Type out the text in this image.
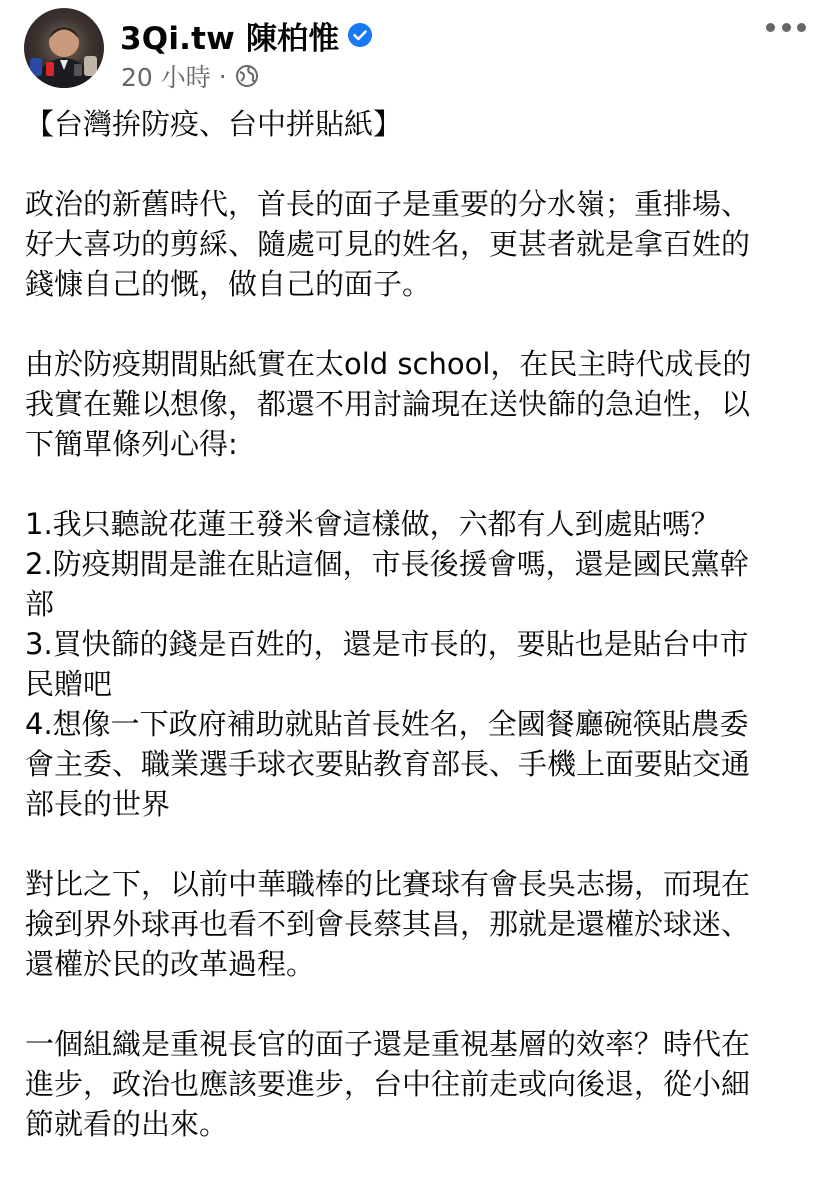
3Qi.tw 陳柏惟
20 小時 ·

【台灣拚防疫、台中拼貼紙】

政治的新舊時代，首長的面子是重要的分水嶺；重排場、
好大喜功的剪綵、隨處可見的姓名，更甚者就是拿百姓的
錢慷自己的慨，做自己的面子。

由於防疫期間貼紙實在太old school，在民主時代成長的
我實在難以想像，都還不用討論現在送快篩的急迫性，以
下簡單條列心得:

1.我只聽說花蓮王發米會這樣做，六都有人到處貼嗎？
2.防疫期間是誰在貼這個，市長後援會嗎，還是國民黨幹
部
3.買快篩的錢是百姓的，還是市長的，要貼也是貼台中市
民贈吧
4.想像一下政府補助就貼首長姓名，全國餐廳碗筷貼農委
會主委、職業選手球衣要貼教育部長、手機上面要貼交通
部長的世界

對比之下，以前中華職棒的比賽球有會長吳志揚，而現在
撿到界外球再也看不到會長蔡其昌，那就是還權於球迷、
還權於民的改革過程。

一個組織是重視長官的面子還是重視基層的效率？時代在
進步，政治也應該要進步，台中往前走或向後退，從小細
節就看的出來。
